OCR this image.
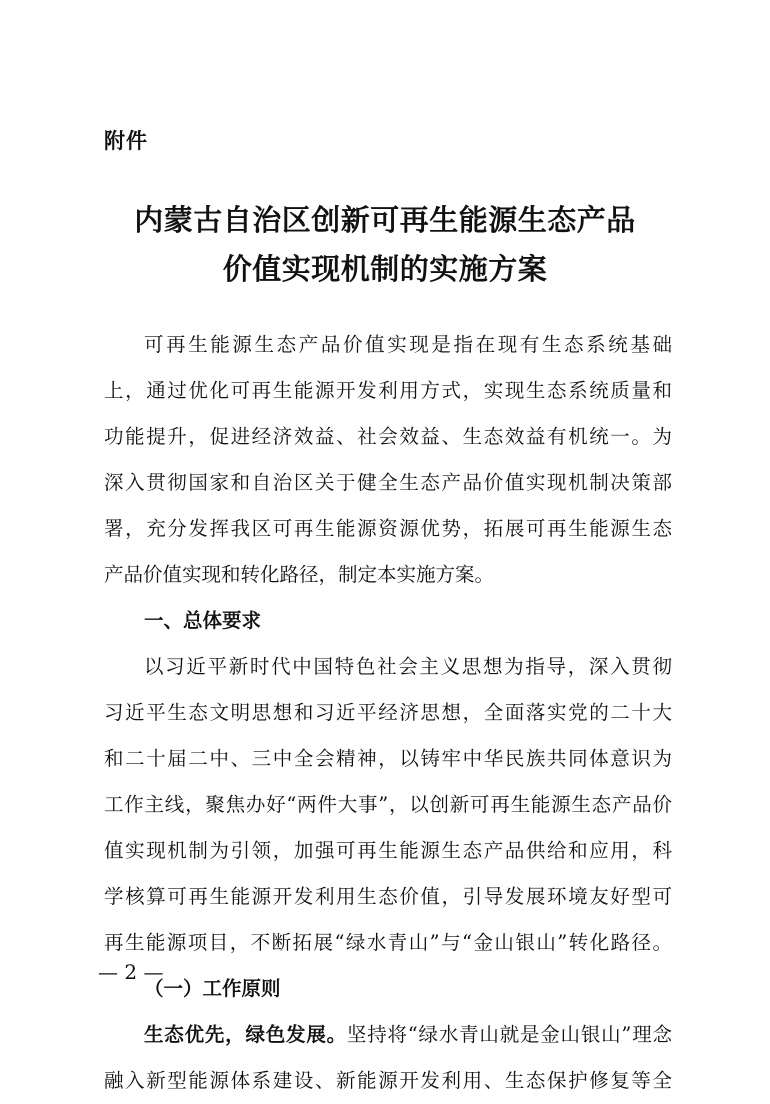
附件
内蒙古自治区创新可再生能源生态产品
价值实现机制的实施方案
可再生能源生态产品价值实现是指在现有生态系统基础
上，通过优化可再生能源开发利用方式，实现生态系统质量和
功能提升，促进经济效益、社会效益、生态效益有机统一。为
深入贯彻国家和自治区关于健全生态产品价值实现机制决策部
署，充分发挥我区可再生能源资源优势，拓展可再生能源生态
产品价值实现和转化路径，制定本实施方案。
一、总体要求
以习近平新时代中国特色社会主义思想为指导，深入贯彻
习近平生态文明思想和习近平经济思想，全面落实党的二十大
和二十届二中、三中全会精神，以铸牢中华民族共同体意识为
工作主线，聚焦办好“两件大事”，以创新可再生能源生态产品价
值实现机制为引领，加强可再生能源生态产品供给和应用，科
学核算可再生能源开发利用生态价值，引导发展环境友好型可
再生能源项目，不断拓展“绿水青山”与“金山银山”转化路径。
（一）工作原则
生态优先，绿色发展。坚持将“绿水青山就是金山银山”理念
融入新型能源体系建设、新能源开发利用、生态保护修复等全
— 2 —
